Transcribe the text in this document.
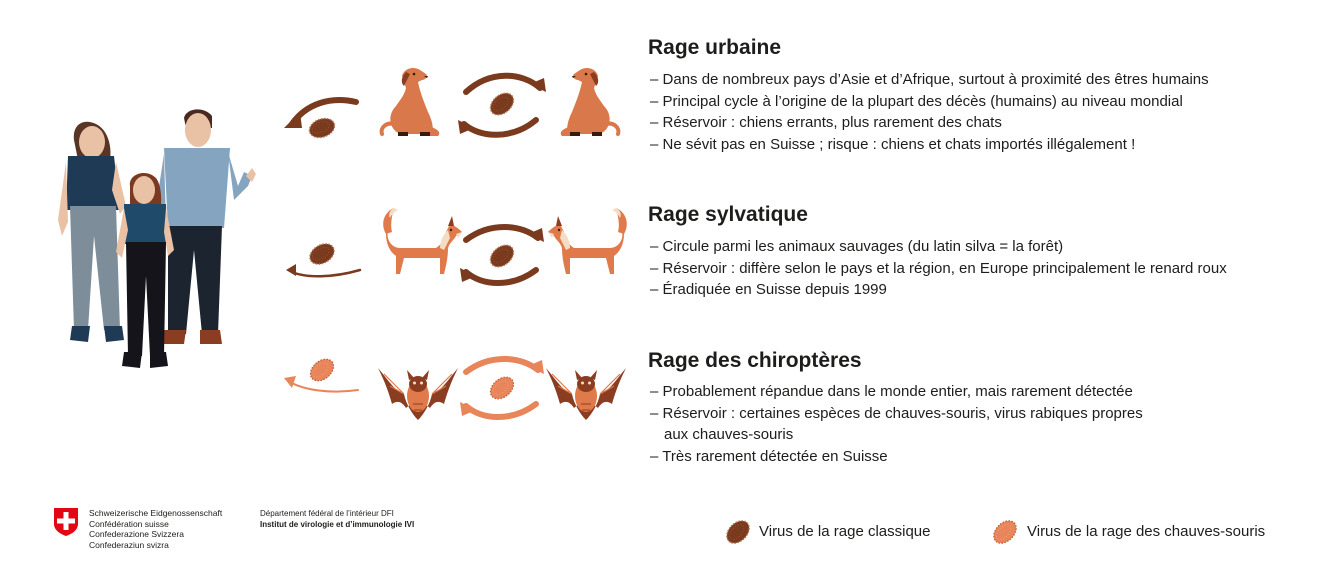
Rage urbaine
– Dans de nombreux pays d’Asie et d’Afrique, surtout à proximité des êtres humains
– Principal cycle à l’origine de la plupart des décès (humains) au niveau mondial
– Réservoir : chiens errants, plus rarement des chats
– Ne sévit pas en Suisse ; risque : chiens et chats importés illégalement !
Rage sylvatique
– Circule parmi les animaux sauvages (du latin silva = la forêt)
– Réservoir : diffère selon le pays et la région, en Europe principalement le renard roux
– Éradiquée en Suisse depuis 1999
Rage des chiroptères
– Probablement répandue dans le monde entier, mais rarement détectée
– Réservoir : certaines espèces de chauves-souris, virus rabiques propres
aux chauves-souris
– Très rarement détectée en Suisse
Schweizerische Eidgenossenschaft
Confédération suisse
Confederazione Svizzera
Confederaziun svizra
Département fédéral de l’intérieur DFI
Institut de virologie et d’immunologie IVI	Virus de la rage classique	Virus de la rage des chauves-souris
